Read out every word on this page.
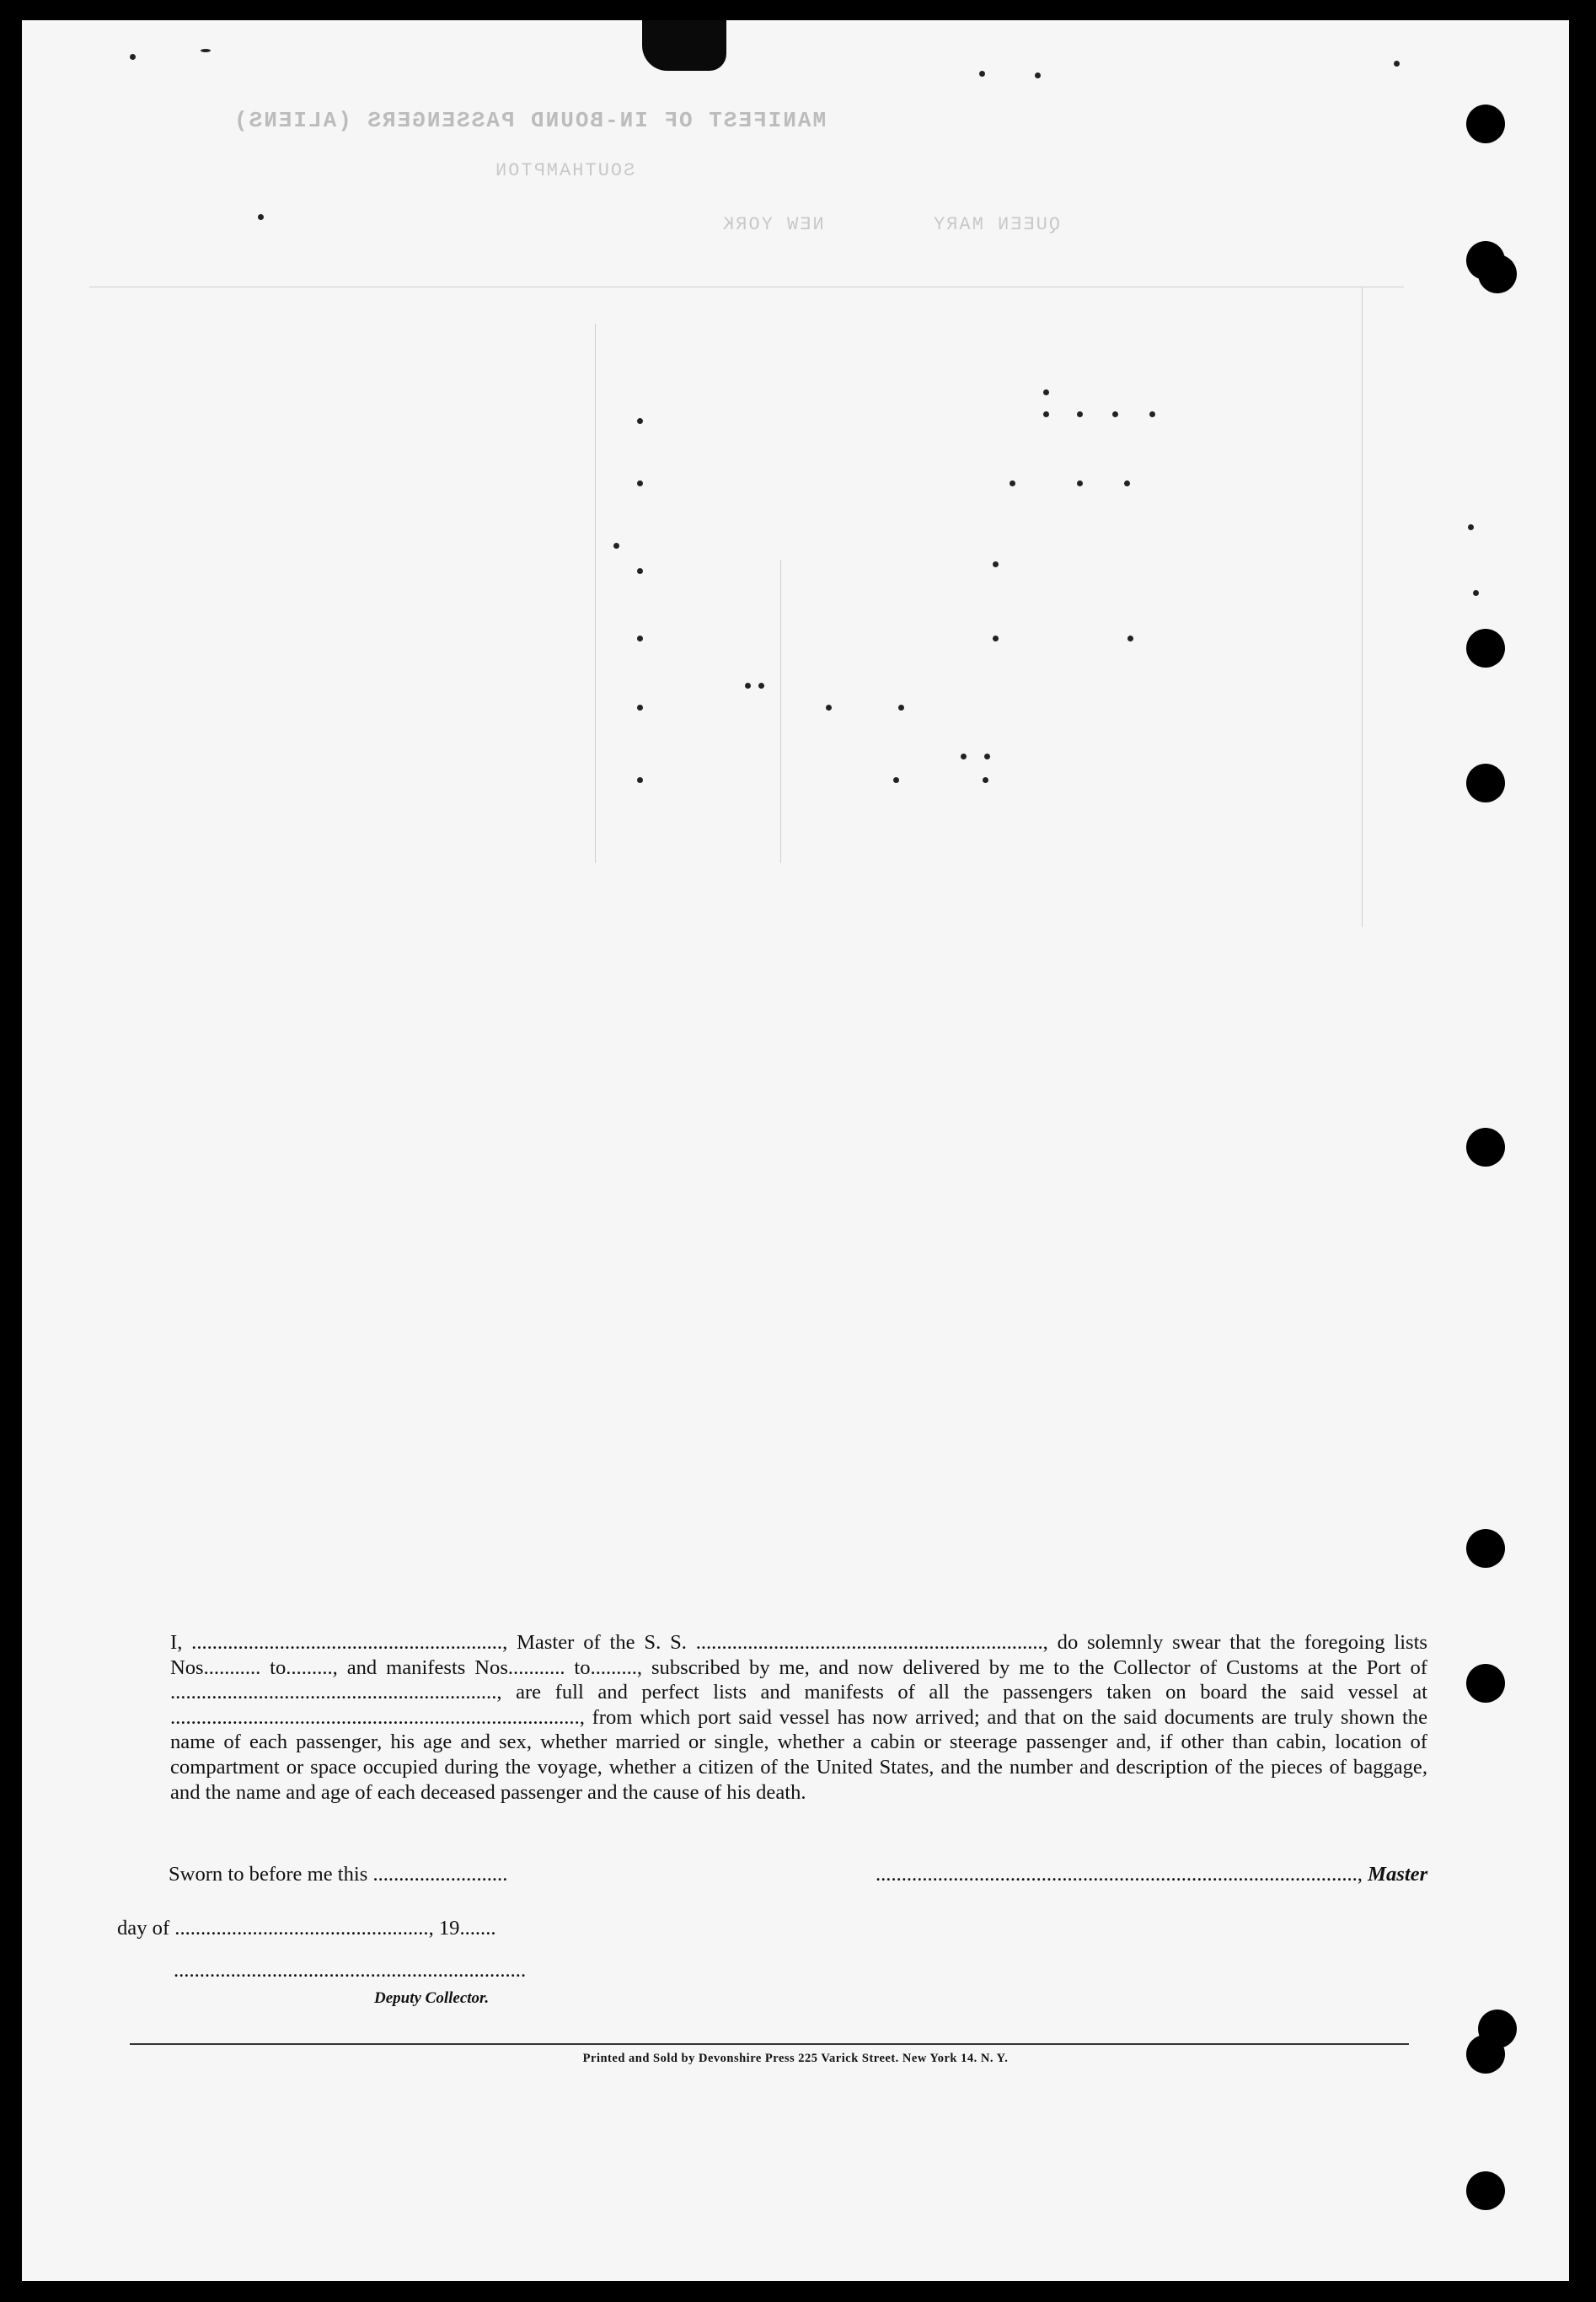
MANIFEST OF IN-BOUND PASSENGERS (ALIENS)
NEW YORK	QUEEN MARY
SOUTHAMPTON

I, ............................................................, Master of the S. S. ..................................................................., do solemnly swear that the foregoing lists Nos........... to........., and manifests Nos........... to........., subscribed by me, and now delivered by me to the Collector of Customs at the Port of ..............................................................., are full and perfect lists and manifests of all the passengers taken on board the said vessel at ..............................................................................., from which port said vessel has now arrived; and that on the said documents are truly shown the name of each passenger, his age and sex, whether married or single, whether a cabin or steerage passenger and, if other than cabin, location of compartment or space occupied during the voyage, whether a citizen of the United States, and the number and description of the pieces of baggage, and the name and age of each deceased passenger and the cause of his death.

Sworn to before me this ..........................	............................................................................................., Master
day of ................................................., 19.......
....................................................................
Deputy Collector.
Printed and Sold by Devonshire Press 225 Varick Street. New York 14. N. Y.
